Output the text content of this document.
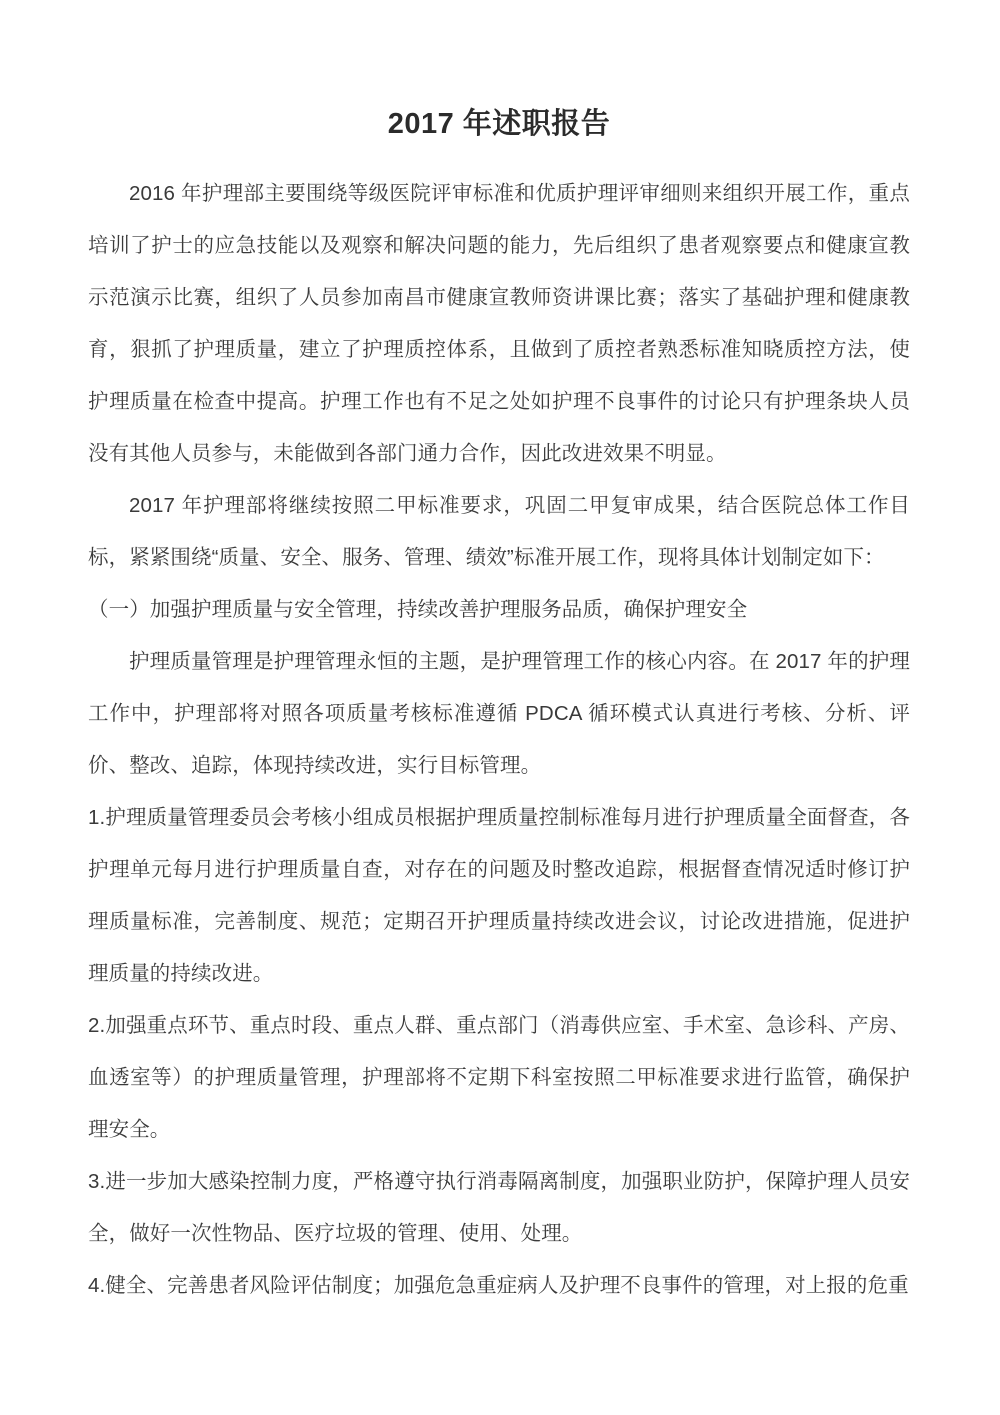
2017 年述职报告

2016 年护理部主要围绕等级医院评审标准和优质护理评审细则来组织开展工作，重点培训了护士的应急技能以及观察和解决问题的能力，先后组织了患者观察要点和健康宣教示范演示比赛，组织了人员参加南昌市健康宣教师资讲课比赛；落实了基础护理和健康教育，狠抓了护理质量，建立了护理质控体系，且做到了质控者熟悉标准知晓质控方法，使护理质量在检查中提高。护理工作也有不足之处如护理不良事件的讨论只有护理条块人员没有其他人员参与，未能做到各部门通力合作，因此改进效果不明显。

2017 年护理部将继续按照二甲标准要求，巩固二甲复审成果，结合医院总体工作目标，紧紧围绕“质量、安全、服务、管理、绩效”标准开展工作，现将具体计划制定如下：

（一）加强护理质量与安全管理，持续改善护理服务品质，确保护理安全

护理质量管理是护理管理永恒的主题，是护理管理工作的核心内容。在 2017 年的护理工作中，护理部将对照各项质量考核标准遵循 PDCA 循环模式认真进行考核、分析、评价、整改、追踪，体现持续改进，实行目标管理。

1.护理质量管理委员会考核小组成员根据护理质量控制标准每月进行护理质量全面督查，各护理单元每月进行护理质量自查，对存在的问题及时整改追踪，根据督查情况适时修订护理质量标准，完善制度、规范；定期召开护理质量持续改进会议，讨论改进措施，促进护理质量的持续改进。

2.加强重点环节、重点时段、重点人群、重点部门（消毒供应室、手术室、急诊科、产房、血透室等）的护理质量管理，护理部将不定期下科室按照二甲标准要求进行监管，确保护理安全。

3.进一步加大感染控制力度，严格遵守执行消毒隔离制度，加强职业防护，保障护理人员安全，做好一次性物品、医疗垃圾的管理、使用、处理。

4.健全、完善患者风险评估制度；加强危急重症病人及护理不良事件的管理，对上报的危重
